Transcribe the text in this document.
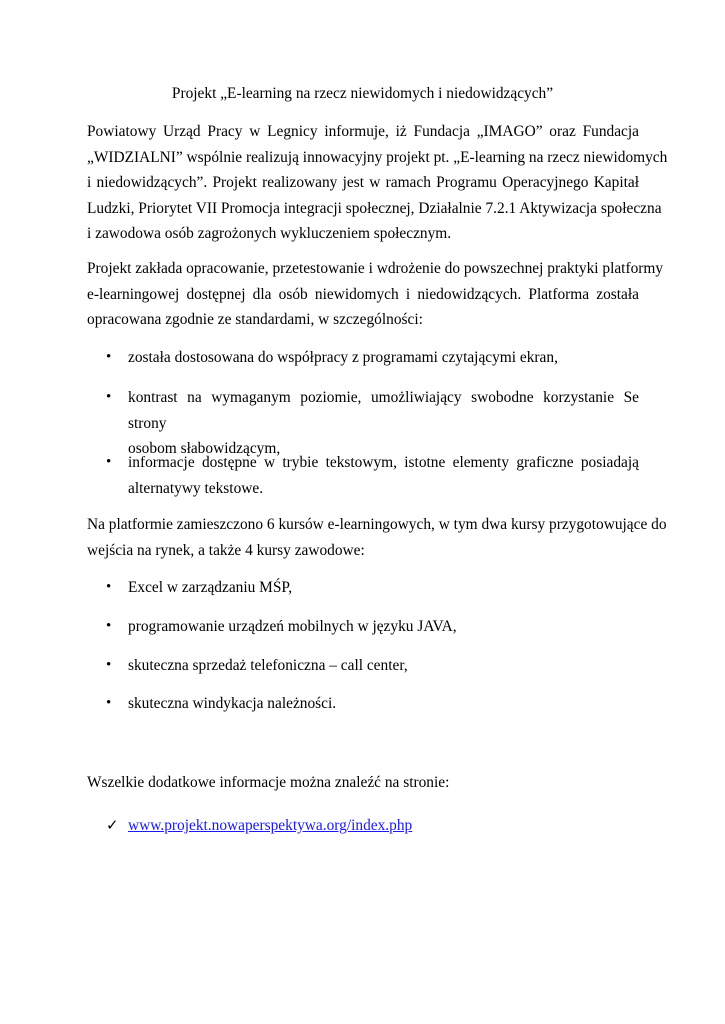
Projekt „E-learning na rzecz niewidomych i niedowidzących”

Powiatowy Urząd Pracy w Legnicy informuje, iż Fundacja „IMAGO” oraz Fundacja
„WIDZIALNI” wspólnie realizują innowacyjny projekt pt. „E-learning na rzecz niewidomych
i niedowidzących”. Projekt realizowany jest w ramach Programu Operacyjnego Kapitał
Ludzki, Priorytet VII Promocja integracji społecznej, Działalnie 7.2.1 Aktywizacja społeczna
i zawodowa osób zagrożonych wykluczeniem społecznym.
Projekt zakłada opracowanie, przetestowanie i wdrożenie do powszechnej praktyki platformy
e-learningowej dostępnej dla osób niewidomych i niedowidzących. Platforma została
opracowana zgodnie ze standardami, w szczególności:
•	została dostosowana do współpracy z programami czytającymi ekran,
•	kontrast na wymaganym poziomie, umożliwiający swobodne korzystanie Se strony
osobom słabowidzącym,
•	informacje dostępne w trybie tekstowym, istotne elementy graficzne posiadają
alternatywy tekstowe.
Na platformie zamieszczono 6 kursów e-learningowych, w tym dwa kursy przygotowujące do
wejścia na rynek, a także 4 kursy zawodowe:
•	Excel w zarządzaniu MŚP,
•	programowanie urządzeń mobilnych w języku JAVA,
•	skuteczna sprzedaż telefoniczna – call center,
•	skuteczna windykacja należności.
Wszelkie dodatkowe informacje można znaleźć na stronie:
✓ www.projekt.nowaperspektywa.org/index.php
